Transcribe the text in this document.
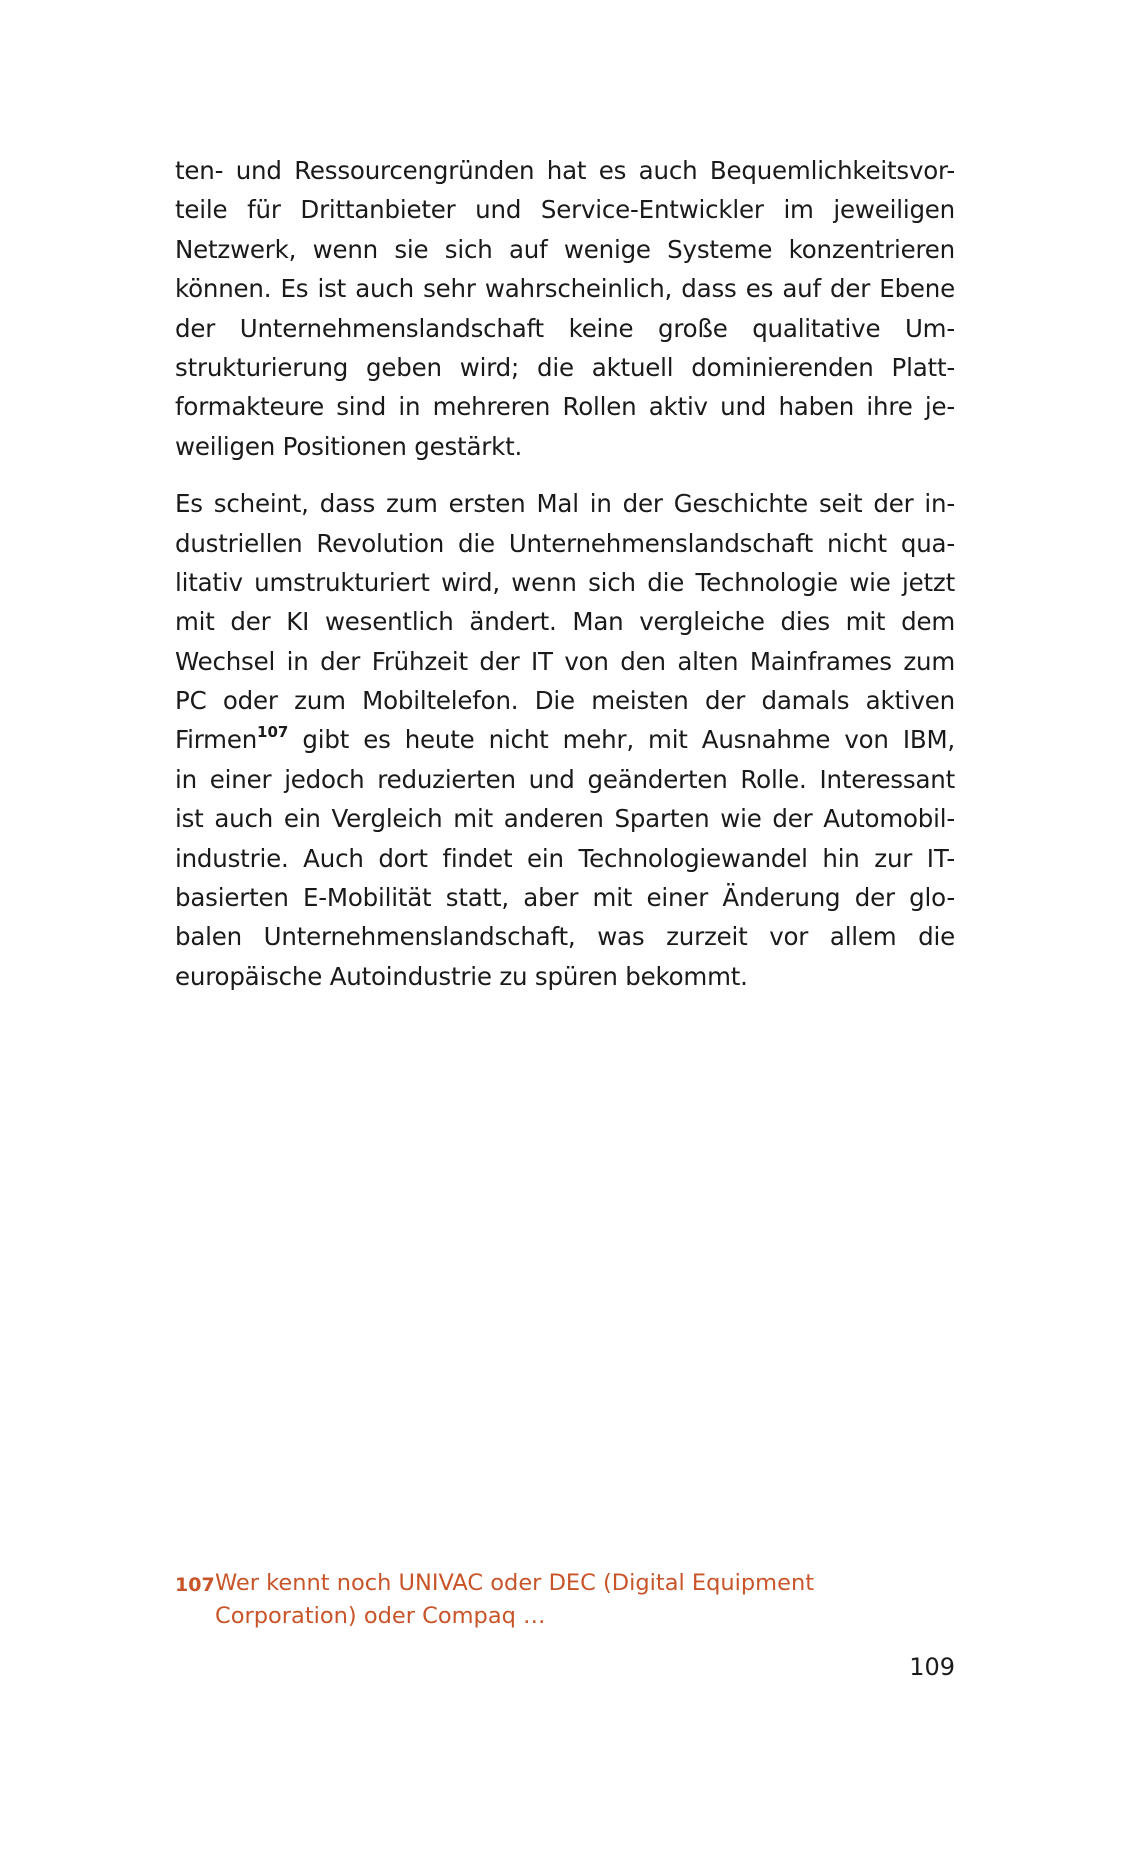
ten- und Ressourcengründen hat es auch Bequemlichkeitsvor-
teile für Drittanbieter und Service-Entwickler im jeweiligen
Netzwerk, wenn sie sich auf wenige Systeme konzentrieren
können. Es ist auch sehr wahrscheinlich, dass es auf der Ebene
der Unternehmenslandschaft keine große qualitative Um-
strukturierung geben wird; die aktuell dominierenden Platt-
formakteure sind in mehreren Rollen aktiv und haben ihre je-
weiligen Positionen gestärkt.
Es scheint, dass zum ersten Mal in der Geschichte seit der in-
dustriellen Revolution die Unternehmenslandschaft nicht qua-
litativ umstrukturiert wird, wenn sich die Technologie wie jetzt
mit der KI wesentlich ändert. Man vergleiche dies mit dem
Wechsel in der Frühzeit der IT von den alten Mainframes zum
PC oder zum Mobiltelefon. Die meisten der damals aktiven
Firmen$^{107}$ gibt es heute nicht mehr, mit Ausnahme von IBM,
in einer jedoch reduzierten und geänderten Rolle. Interessant
ist auch ein Vergleich mit anderen Sparten wie der Automobil-
industrie. Auch dort findet ein Technologiewandel hin zur IT-
basierten E-Mobilität statt, aber mit einer Änderung der glo-
balen Unternehmenslandschaft, was zurzeit vor allem die
europäische Autoindustrie zu spüren bekommt.
107 Wer kennt noch UNIVAC oder DEC (Digital Equipment Corporation) oder Compaq …
109
